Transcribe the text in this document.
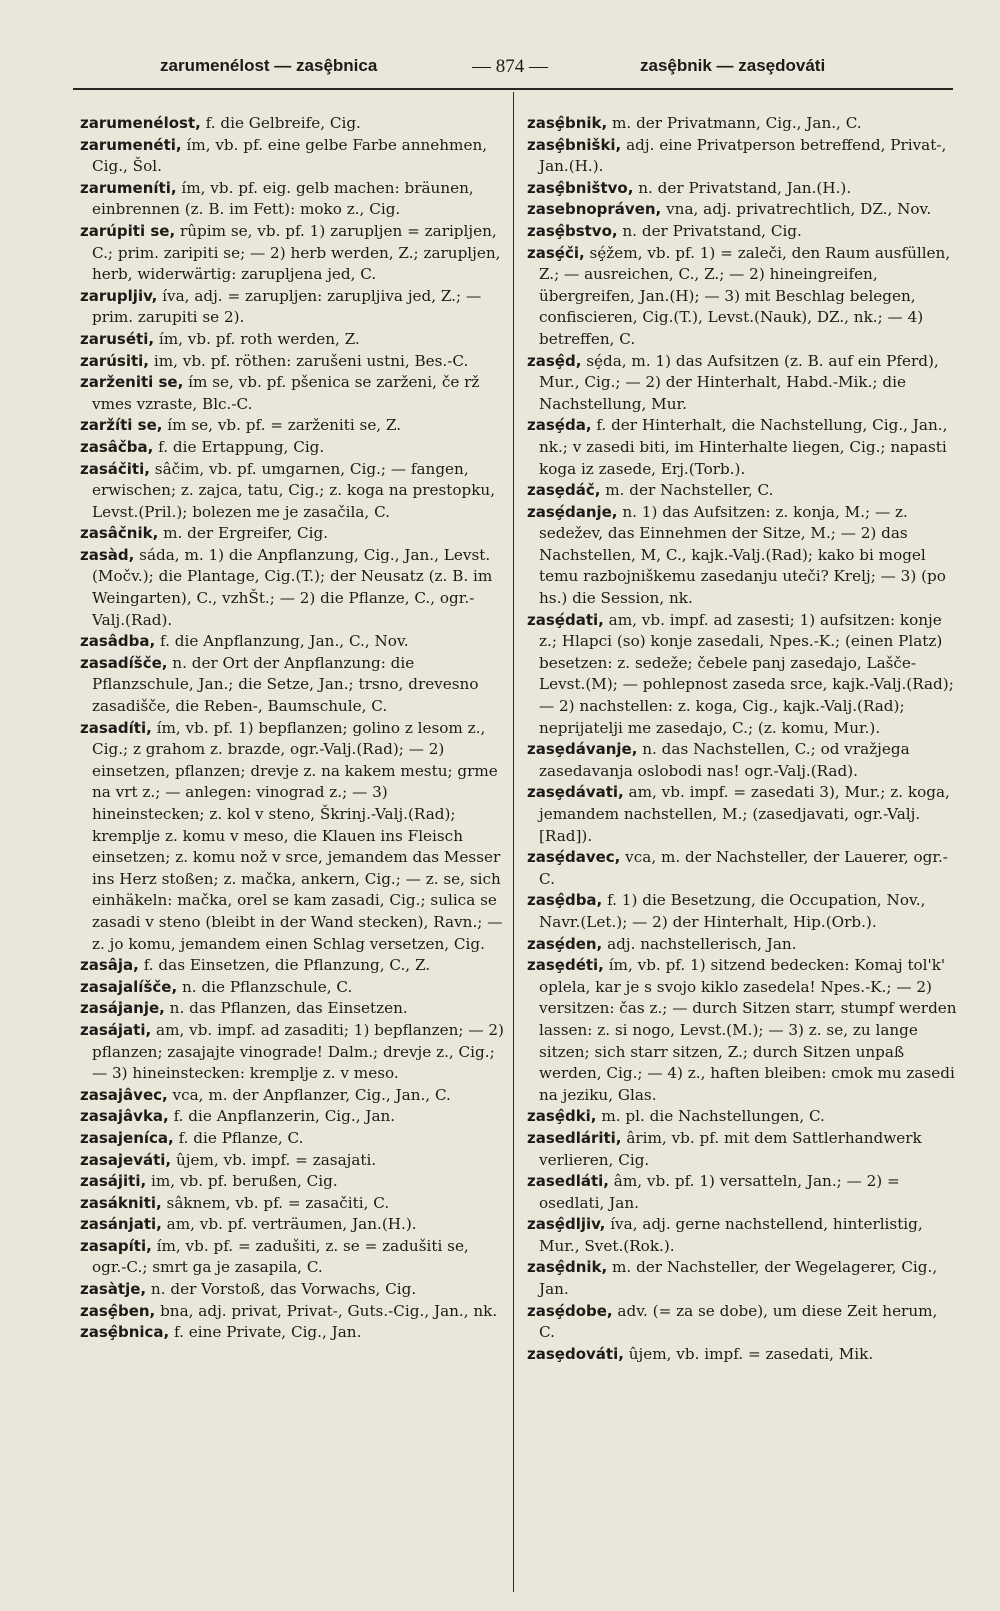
zarumenélost — zasȩ̂bnica	— 874 —	zasȩ̂bnik — zasȩdováti
zarumenélost, f. die Gelbreife, Cig.
zarumenéti, ím, vb. pf. eine gelbe Farbe annehmen, Cig., Šol.
zarumeníti, ím, vb. pf. eig. gelb machen: bräunen, einbrennen (z. B. im Fett): moko z., Cig.
zarúpiti se, rûpim se, vb. pf. 1) zarupljen = zaripljen, C.; prim. zaripiti se; — 2) herb werden, Z.; zarupljen, herb, widerwärtig: zarupljena jed, C.
zarupljiv, íva, adj. = zarupljen: zarupljiva jed, Z.; — prim. zarupiti se 2).
zaruséti, ím, vb. pf. roth werden, Z.
zarúsiti, im, vb. pf. röthen: zarušeni ustni, Bes.-C.
zarženiti se, ím se, vb. pf. pšenica se zarženi, če rž vmes vzraste, Blc.-C.
zaržíti se, ím se, vb. pf. = zarženiti se, Z.
zasâčba, f. die Ertappung, Cig.
zasáčiti, sâčim, vb. pf. umgarnen, Cig.; — fangen, erwischen; z. zajca, tatu, Cig.; z. koga na prestopku, Levst.(Pril.); bolezen me je zasačila, C.
zasâčnik, m. der Ergreifer, Cig.
zasàd, sáda, m. 1) die Anpflanzung, Cig., Jan., Levst.(Močv.); die Plantage, Cig.(T.); der Neusatz (z. B. im Weingarten), C., vzhŠt.; — 2) die Pflanze, C., ogr.-Valj.(Rad).
zasâdba, f. die Anpflanzung, Jan., C., Nov.
zasadíšče, n. der Ort der Anpflanzung: die Pflanzschule, Jan.; die Setze, Jan.; trsno, drevesno zasadišče, die Reben-, Baumschule, C.
zasadíti, ím, vb. pf. 1) bepflanzen; golino z lesom z., Cig.; z grahom z. brazde, ogr.-Valj.(Rad); — 2) einsetzen, pflanzen; drevje z. na kakem mestu; grme na vrt z.; — anlegen: vinograd z.; — 3) hineinstecken; z. kol v steno, Škrinj.-Valj.(Rad); kremplje z. komu v meso, die Klauen ins Fleisch einsetzen; z. komu nož v srce, jemandem das Messer ins Herz stoßen; z. mačka, ankern, Cig.; — z. se, sich einhäkeln: mačka, orel se kam zasadi, Cig.; sulica se zasadi v steno (bleibt in der Wand stecken), Ravn.; — z. jo komu, jemandem einen Schlag versetzen, Cig.
zasâja, f. das Einsetzen, die Pflanzung, C., Z.
zasajalíšče, n. die Pflanzschule, C.
zasájanje, n. das Pflanzen, das Einsetzen.
zasájati, am, vb. impf. ad zasaditi; 1) bepflanzen; — 2) pflanzen; zasajajte vinograde! Dalm.; drevje z., Cig.; — 3) hineinstecken: kremplje z. v meso.
zasajâvec, vca, m. der Anpflanzer, Cig., Jan., C.
zasajâvka, f. die Anpflanzerin, Cig., Jan.
zasajeníca, f. die Pflanze, C.
zasajeváti, ûjem, vb. impf. = zasajati.
zasájiti, im, vb. pf. berußen, Cig.
zasákniti, sâknem, vb. pf. = zasačiti, C.
zasánjati, am, vb. pf. verträumen, Jan.(H.).
zasapíti, ím, vb. pf. = zadušiti, z. se = zadušiti se, ogr.-C.; smrt ga je zasapila, C.
zasàtje, n. der Vorstoß, das Vorwachs, Cig.
zasȩ̂ben, bna, adj. privat, Privat-, Guts.-Cig., Jan., nk.
zasȩ̂bnica, f. eine Private, Cig., Jan.
zasȩ̂bnik, m. der Privatmann, Cig., Jan., C.
zasȩ̂bniški, adj. eine Privatperson betreffend, Privat-, Jan.(H.).
zasȩ̂bništvo, n. der Privatstand, Jan.(H.).
zasebnopráven, vna, adj. privatrechtlich, DZ., Nov.
zasȩ̂bstvo, n. der Privatstand, Cig.
zasȩ́či, sȩ́žem, vb. pf. 1) = zaleči, den Raum ausfüllen, Z.; — ausreichen, C., Z.; — 2) hineingreifen, übergreifen, Jan.(H); — 3) mit Beschlag belegen, confiscieren, Cig.(T.), Levst.(Nauk), DZ., nk.; — 4) betreffen, C.
zasȩ̂d, sȩ́da, m. 1) das Aufsitzen (z. B. auf ein Pferd), Mur., Cig.; — 2) der Hinterhalt, Habd.-Mik.; die Nachstellung, Mur.
zasȩ́da, f. der Hinterhalt, die Nachstellung, Cig., Jan., nk.; v zasedi biti, im Hinterhalte liegen, Cig.; napasti koga iz zasede, Erj.(Torb.).
zasȩdáč, m. der Nachsteller, C.
zasȩ́danje, n. 1) das Aufsitzen: z. konja, M.; — z. sedežev, das Einnehmen der Sitze, M.; — 2) das Nachstellen, M, C., kajk.-Valj.(Rad); kako bi mogel temu razbojniškemu zasedanju uteči? Krelj; — 3) (po hs.) die Session, nk.
zasȩ́dati, am, vb. impf. ad zasesti; 1) aufsitzen: konje z.; Hlapci (so) konje zasedali, Npes.-K.; (einen Platz) besetzen: z. sedeže; čebele panj zasedajo, Lašče-Levst.(M); — pohlepnost zaseda srce, kajk.-Valj.(Rad); — 2) nachstellen: z. koga, Cig., kajk.-Valj.(Rad); neprijatelji me zasedajo, C.; (z. komu, Mur.).
zasȩdávanje, n. das Nachstellen, C.; od vražjega zasedavanja oslobodi nas! ogr.-Valj.(Rad).
zasȩdávati, am, vb. impf. = zasedati 3), Mur.; z. koga, jemandem nachstellen, M.; (zasedjavati, ogr.-Valj.[Rad]).
zasȩ́davec, vca, m. der Nachsteller, der Lauerer, ogr.-C.
zasȩ̂dba, f. 1) die Besetzung, die Occupation, Nov., Navr.(Let.); — 2) der Hinterhalt, Hip.(Orb.).
zasȩ́den, adj. nachstellerisch, Jan.
zasȩdéti, ím, vb. pf. 1) sitzend bedecken: Komaj tol'k' oplela, kar je s svojo kiklo zasedela! Npes.-K.; — 2) versitzen: čas z.; — durch Sitzen starr, stumpf werden lassen: z. si nogo, Levst.(M.); — 3) z. se, zu lange sitzen; sich starr sitzen, Z.; durch Sitzen unpaß werden, Cig.; — 4) z., haften bleiben: cmok mu zasedi na jeziku, Glas.
zasȩ̂dki, m. pl. die Nachstellungen, C.
zasedláriti, ârim, vb. pf. mit dem Sattlerhandwerk verlieren, Cig.
zasedláti, âm, vb. pf. 1) versatteln, Jan.; — 2) = osedlati, Jan.
zasȩ̂dljiv, íva, adj. gerne nachstellend, hinterlistig, Mur., Svet.(Rok.).
zasȩ̂dnik, m. der Nachsteller, der Wegelagerer, Cig., Jan.
zasȩ́dobe, adv. (= za se dobe), um diese Zeit herum, C.
zasȩdováti, ûjem, vb. impf. = zasedati, Mik.
